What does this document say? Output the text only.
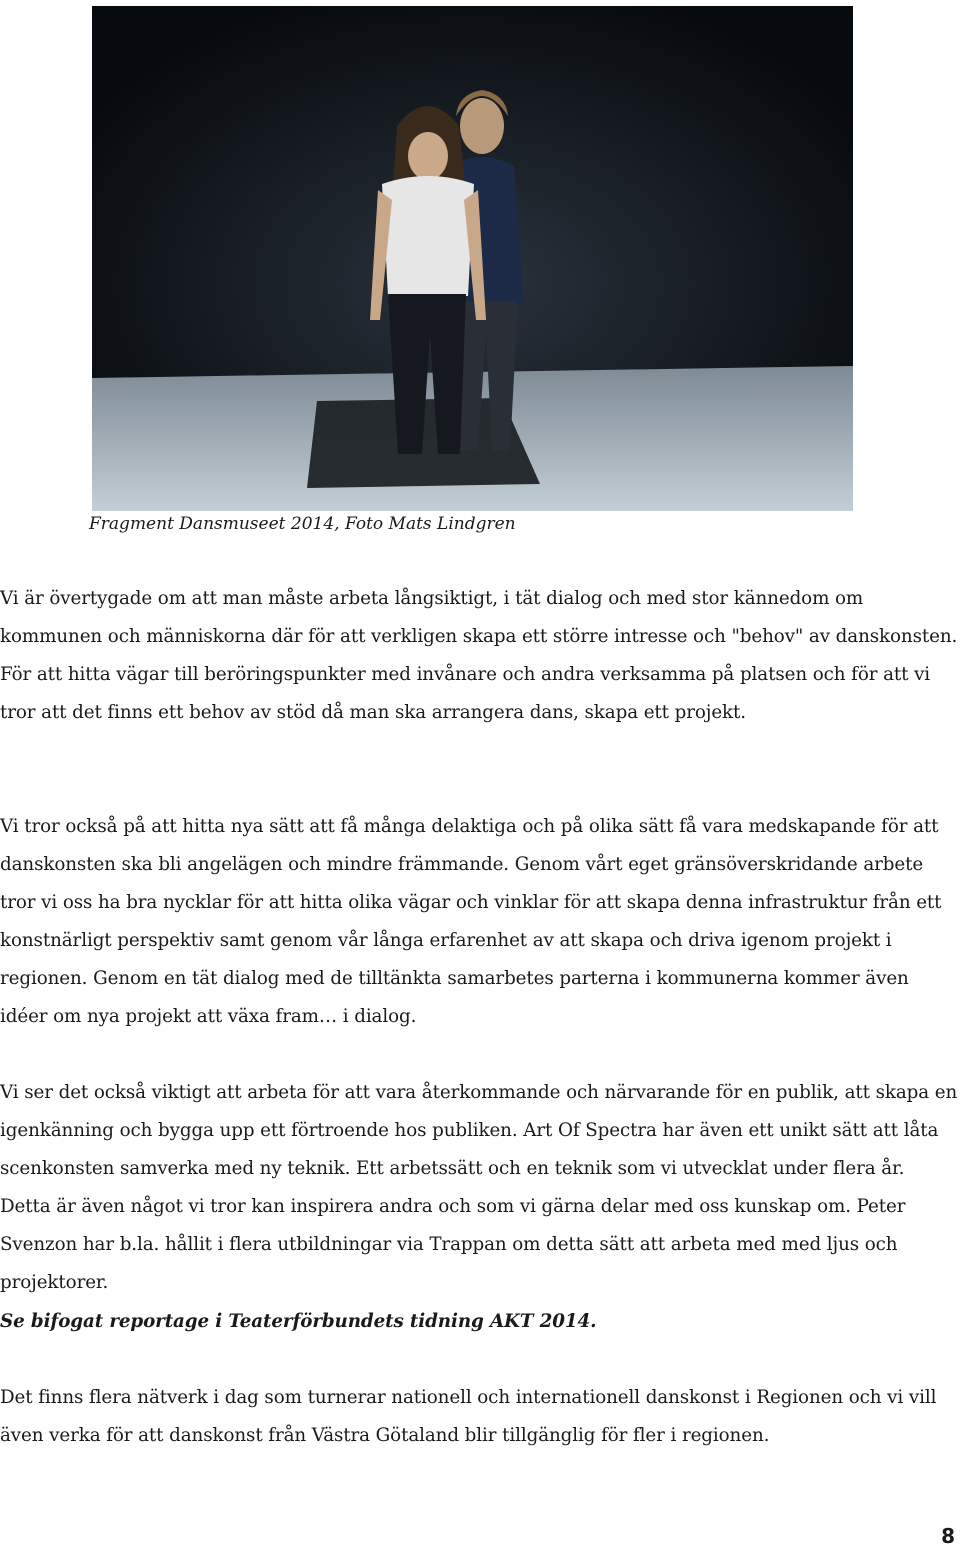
Fragment Dansmuseet 2014, Foto Mats Lindgren

Vi är övertygade om att man måste arbeta långsiktigt, i tät dialog och med stor kännedom om kommunen och människorna där för att verkligen skapa ett större intresse och "behov" av danskonsten. För att hitta vägar till beröringspunkter med invånare och andra verksamma på platsen och för att vi tror att det finns ett behov av stöd då man ska arrangera dans, skapa ett projekt.

Vi tror också på att hitta nya sätt att få många delaktiga och på olika sätt få vara medskapande för att danskonsten ska bli angelägen och mindre främmande. Genom vårt eget gränsöverskridande arbete tror vi oss ha bra nycklar för att hitta olika vägar och vinklar för att skapa denna infrastruktur från ett konstnärligt perspektiv samt genom vår långa erfarenhet av att skapa och driva igenom projekt i regionen. Genom en tät dialog med de tilltänkta samarbetes parterna i kommunerna kommer även idéer om nya projekt att växa fram… i dialog.

Vi ser det också viktigt att arbeta för att vara återkommande och närvarande för en publik, att skapa en igenkänning och bygga upp ett förtroende hos publiken. Art Of Spectra har även ett unikt sätt att låta scenkonsten samverka med ny teknik. Ett arbetssätt och en teknik som vi utvecklat under flera år. Detta är även något vi tror kan inspirera andra och som vi gärna delar med oss kunskap om. Peter Svenzon har b.la. hållit i flera utbildningar via Trappan om detta sätt att arbeta med med ljus och projektorer.

Se bifogat reportage i Teaterförbundets tidning AKT 2014.

Det finns flera nätverk i dag som turnerar nationell och internationell danskonst i Regionen och vi vill även verka för att danskonst från Västra Götaland blir tillgänglig för fler i regionen.

8
